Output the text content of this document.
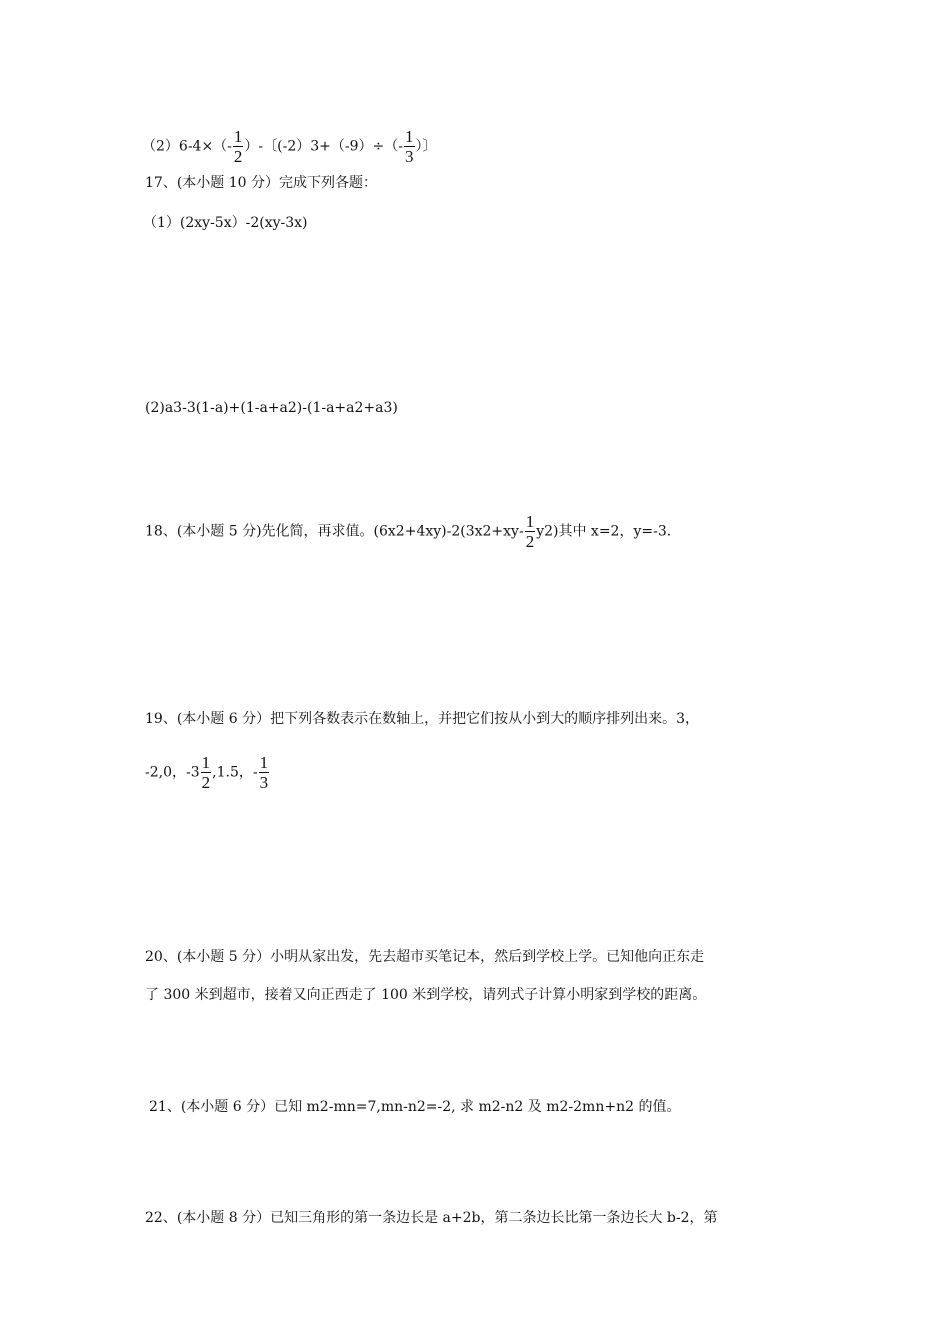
$(2)6-4\times(- \frac{1}{2}$ ）-〔$(-2)3+(-9)\div(- \frac{1}{3}$ ）〕
17、(本小题 10 分）完成下列各题：
（1）(2xy-5x）-2(xy-3x)
(2)a3-3(1-a)+(1-a+a2)-(1-a+a2+a3)
18、(本小题 5 分)先化简，再求值。$(6x2+4xy)-2(3x2+xy- \frac{1}{2} y2)$其中 x=2，y=-3.
19、(本小题 6 分）把下列各数表示在数轴上，并把它们按从小到大的顺序排列出来。3，
-2,0，$-3 \frac{1}{2} ,1.5$，- $\frac{1}{3}$
20、(本小题 5 分）小明从家出发，先去超市买笔记本，然后到学校上学。已知他向正东走
了 300 米到超市，接着又向正西走了 100 米到学校，请列式子计算小明家到学校的距离。
21、(本小题 6 分）已知 m2-mn=7,mn-n2=-2, 求 m2-n2 及 m2-2mn+n2 的值。
22、(本小题 8 分）已知三角形的第一条边长是 a+2b，第二条边长比第一条边长大 b-2，第
